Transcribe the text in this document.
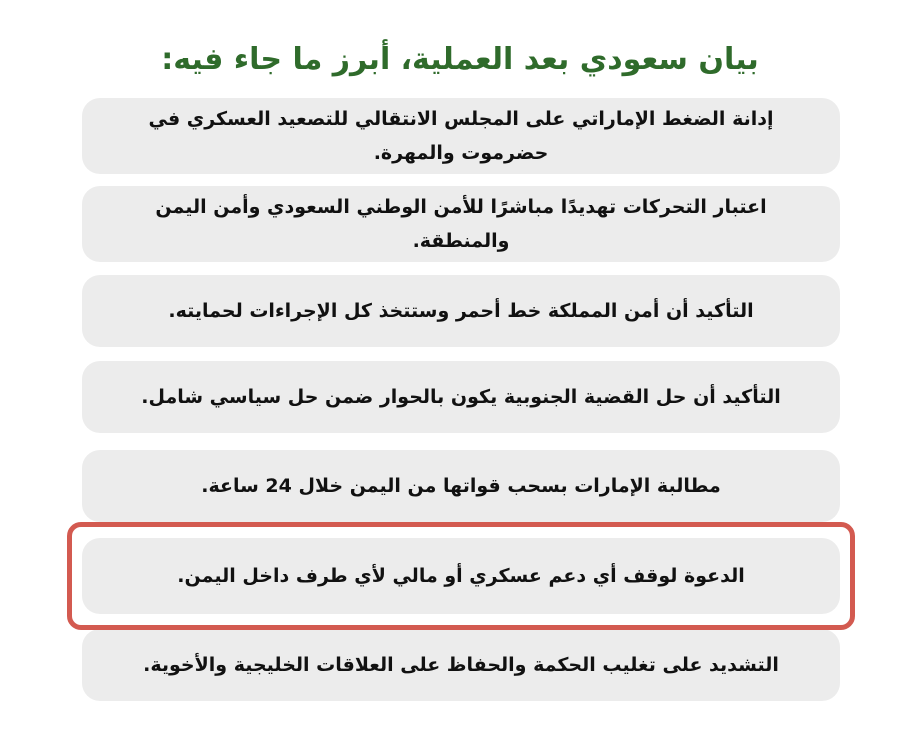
بيان سعودي بعد العملية، أبرز ما جاء فيه:
إدانة الضغط الإماراتي على المجلس الانتقالي للتصعيد العسكري في حضرموت والمهرة.
اعتبار التحركات تهديدًا مباشرًا للأمن الوطني السعودي وأمن اليمن والمنطقة.
التأكيد أن أمن المملكة خط أحمر وستتخذ كل الإجراءات لحمايته.
التأكيد أن حل القضية الجنوبية يكون بالحوار ضمن حل سياسي شامل.
مطالبة الإمارات بسحب قواتها من اليمن خلال 24 ساعة.
الدعوة لوقف أي دعم عسكري أو مالي لأي طرف داخل اليمن.
التشديد على تغليب الحكمة والحفاظ على العلاقات الخليجية والأخوية.
